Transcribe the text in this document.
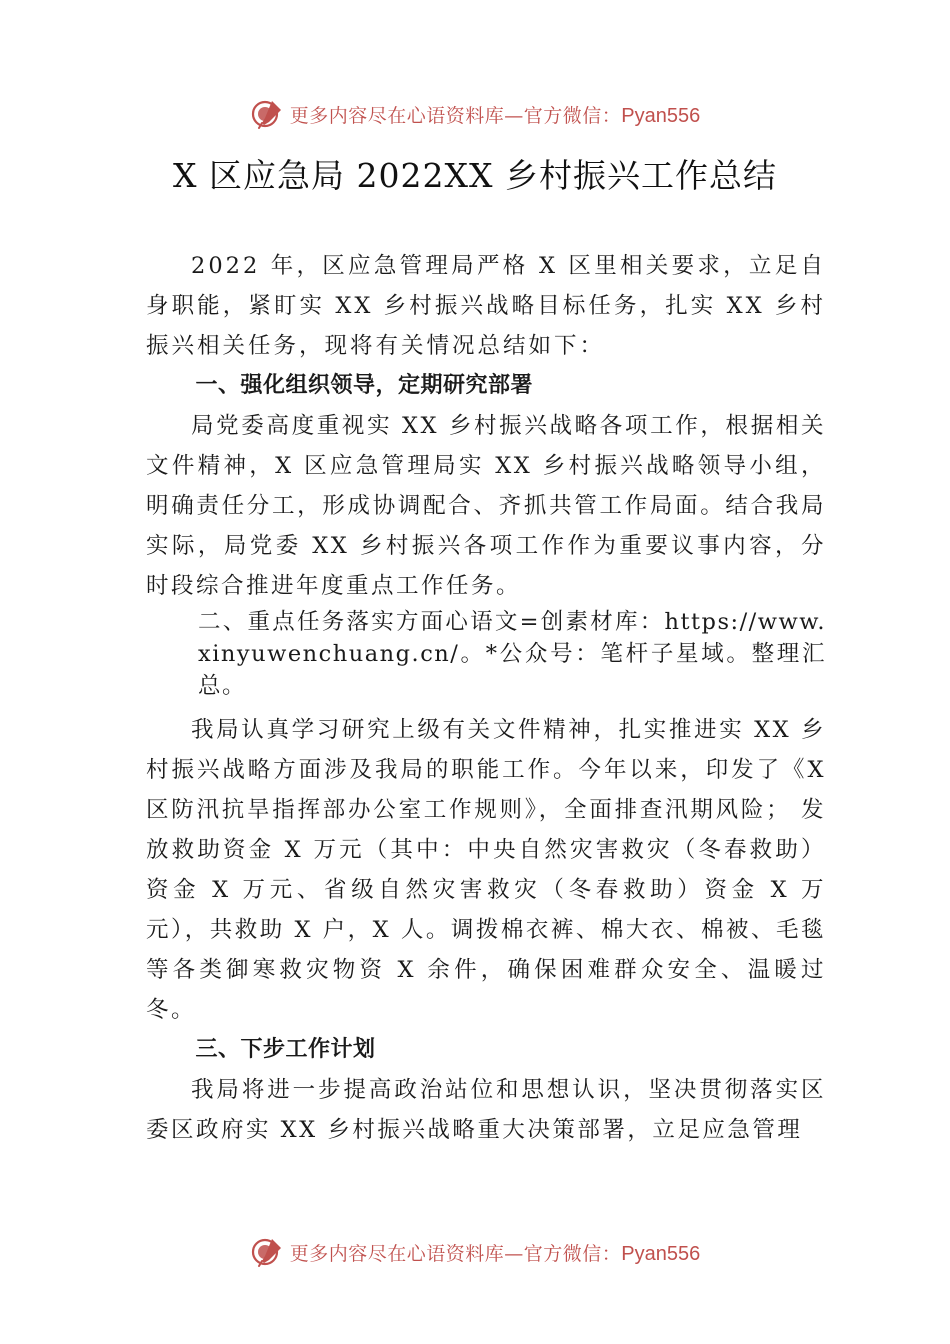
更多内容尽在心语资料库—官方微信：Pyan556
X 区应急局 2022XX 乡村振兴工作总结

2022 年，区应急管理局严格 X 区里相关要求，立足自身职能，紧盯实 XX 乡村振兴战略目标任务，扎实 XX 乡村振兴相关任务，现将有关情况总结如下：

一、强化组织领导，定期研究部署

局党委高度重视实 XX 乡村振兴战略各项工作，根据相关文件精神，X 区应急管理局实 XX 乡村振兴战略领导小组， 明确责任分工，形成协调配合、齐抓共管工作局面。结合我局实际，局党委 XX 乡村振兴各项工作作为重要议事内容，分时段综合推进年度重点工作任务。

二、重点任务落实方面心语文=创素材库：https://www.xinyuwenchuang.cn/。*公众号：笔杆子星域。整理汇总。

我局认真学习研究上级有关文件精神，扎实推进实 XX 乡村振兴战略方面涉及我局的职能工作。今年以来，印发了《X 区防汛抗旱指挥部办公室工作规则》，全面排查汛期风险； 发放救助资金 X 万元（其中：中央自然灾害救灾（冬春救助）资金 X 万元、省级自然灾害救灾（冬春救助）资金 X 万元），共救助 X 户，X 人。调拨棉衣裤、棉大衣、棉被、毛毯等各类御寒救灾物资 X 余件，确保困难群众安全、温暖过冬。

三、下步工作计划

我局将进一步提高政治站位和思想认识，坚决贯彻落实区委区政府实 XX 乡村振兴战略重大决策部署，立足应急管理

更多内容尽在心语资料库—官方微信：Pyan556
